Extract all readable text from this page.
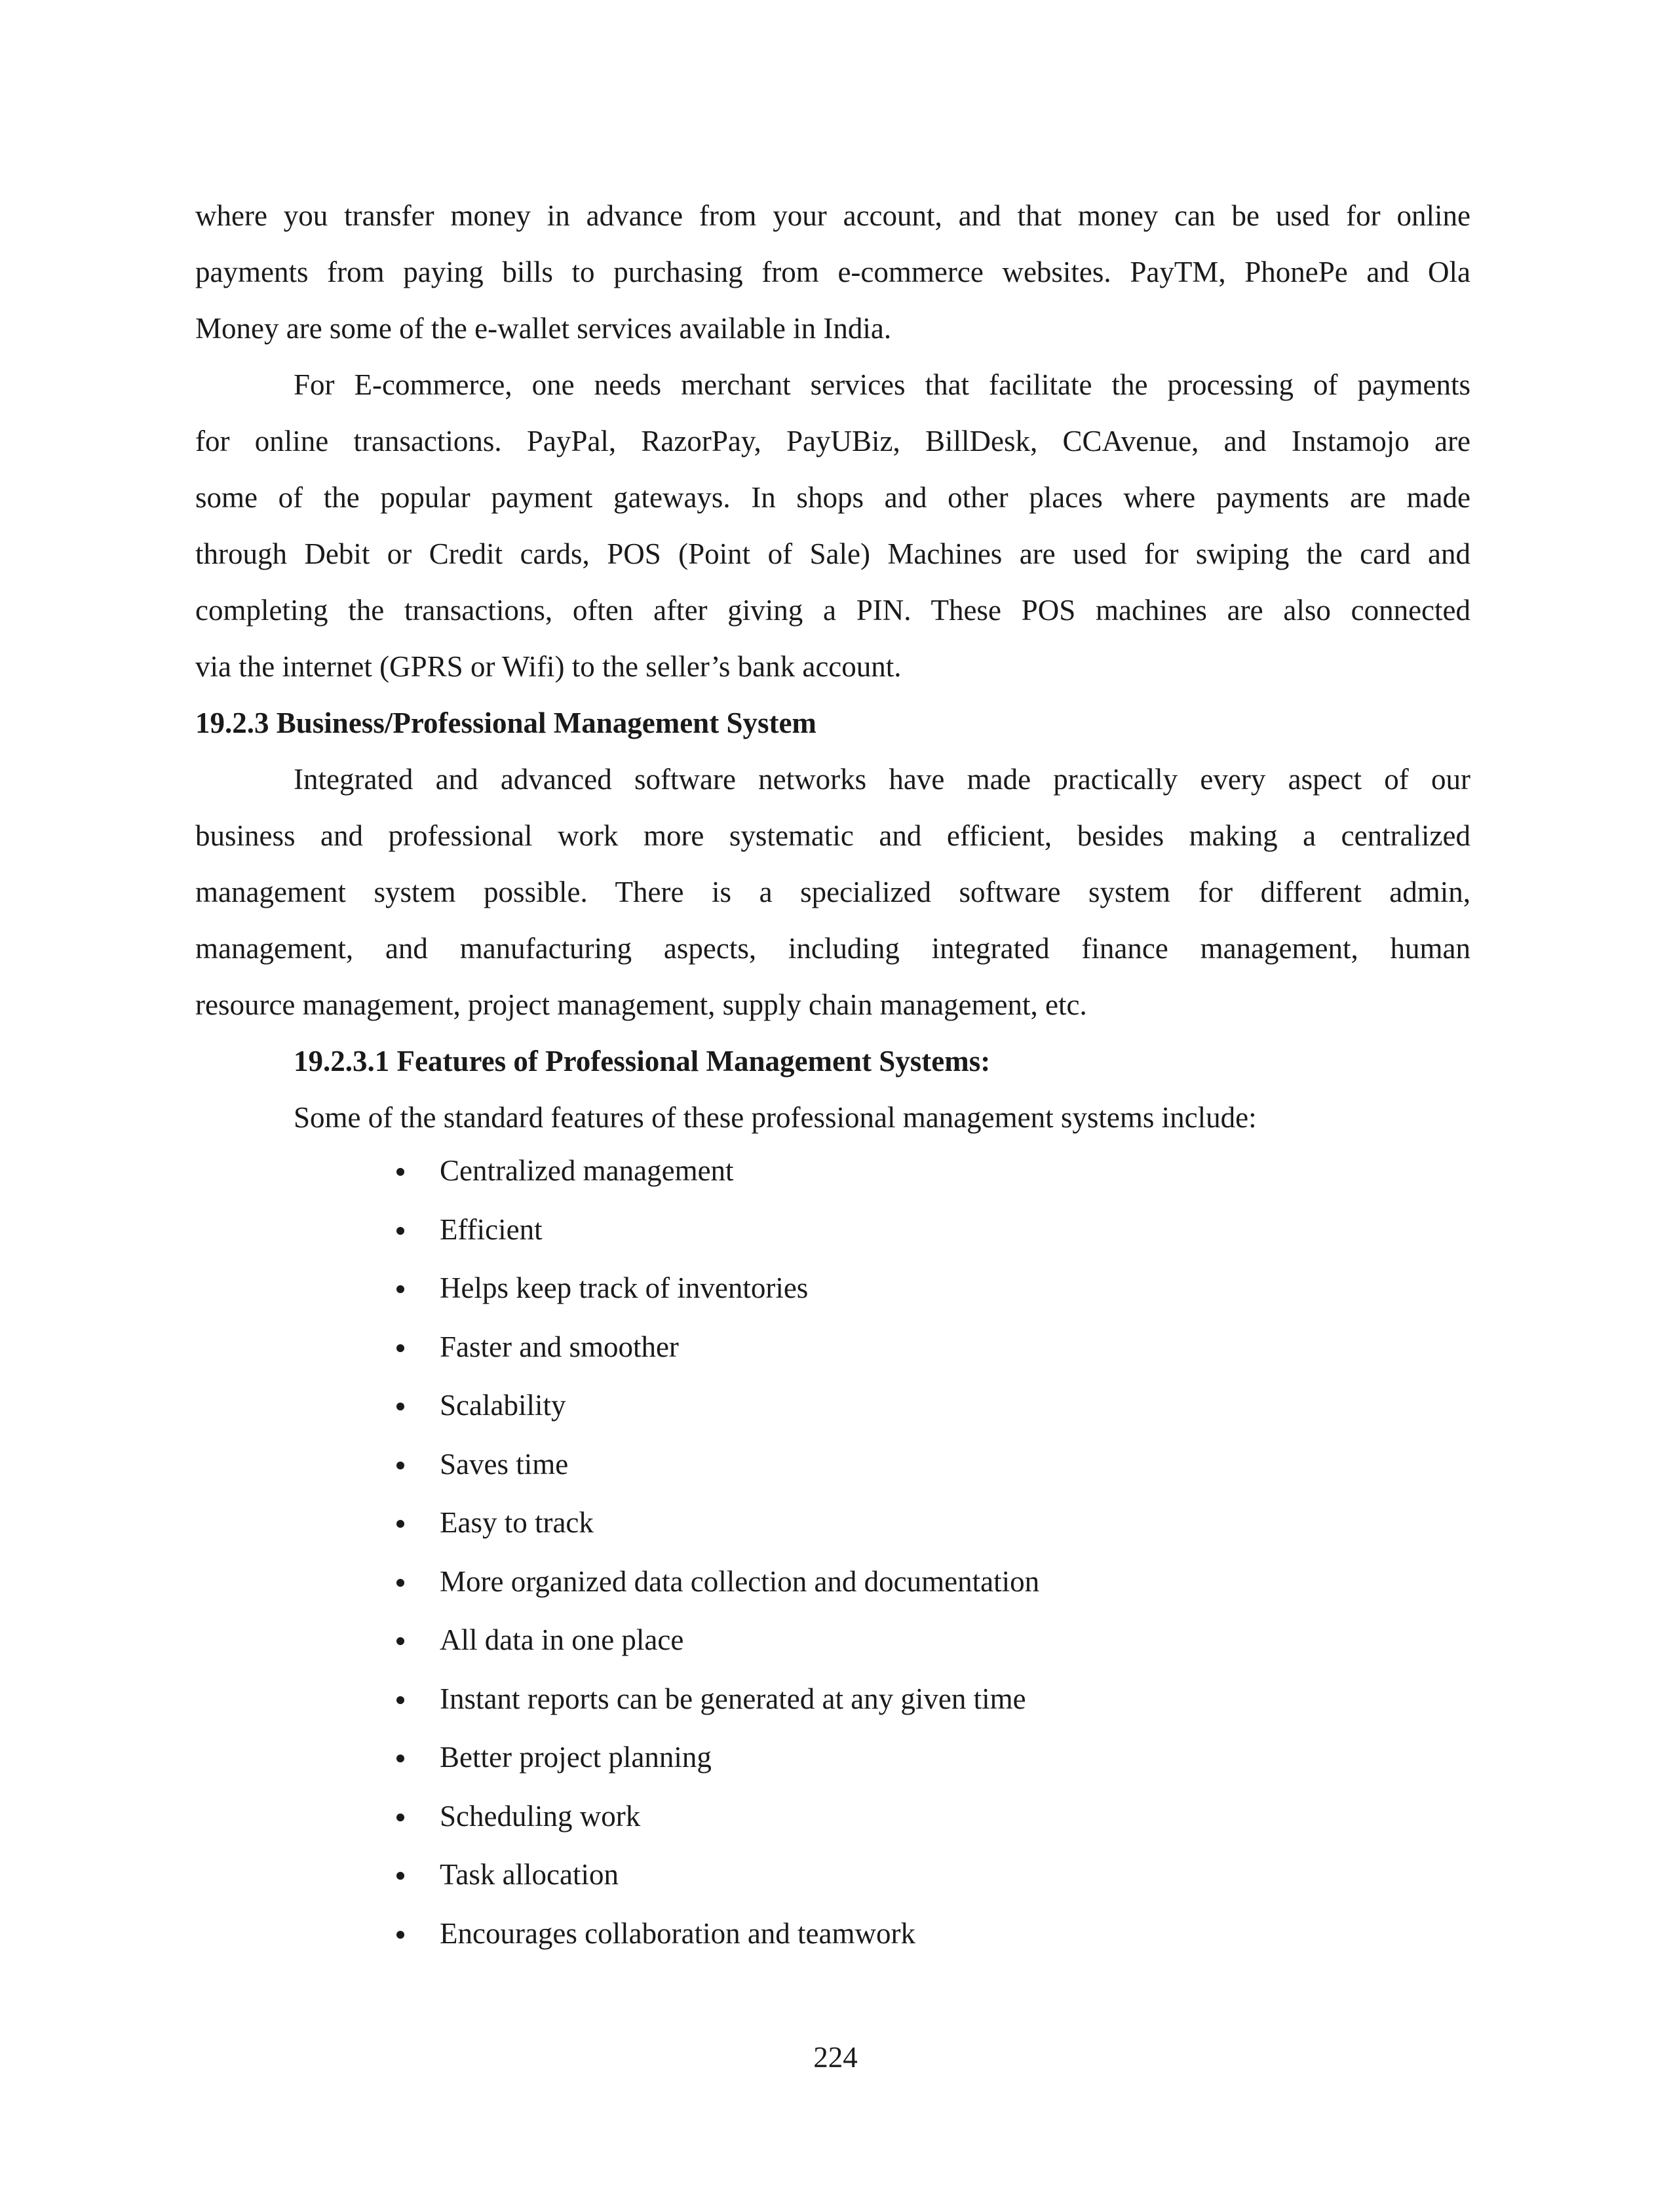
where you transfer money in advance from your account, and that money can be used for online
payments from paying bills to purchasing from e-commerce websites. PayTM, PhonePe and Ola
Money are some of the e-wallet services available in India.
For E-commerce, one needs merchant services that facilitate the processing of payments
for online transactions. PayPal, RazorPay, PayUBiz, BillDesk, CCAvenue, and Instamojo are
some of the popular payment gateways. In shops and other places where payments are made
through Debit or Credit cards, POS (Point of Sale) Machines are used for swiping the card and
completing the transactions, often after giving a PIN. These POS machines are also connected
via the internet (GPRS or Wifi) to the seller’s bank account.
19.2.3 Business/Professional Management System
Integrated and advanced software networks have made practically every aspect of our
business and professional work more systematic and efficient, besides making a centralized
management system possible. There is a specialized software system for different admin,
management, and manufacturing aspects, including integrated finance management, human
resource management, project management, supply chain management, etc.
19.2.3.1 Features of Professional Management Systems:
Some of the standard features of these professional management systems include:
Centralized management
Efficient
Helps keep track of inventories
Faster and smoother
Scalability
Saves time
Easy to track
More organized data collection and documentation
All data in one place
Instant reports can be generated at any given time
Better project planning
Scheduling work
Task allocation
Encourages collaboration and teamwork
224
